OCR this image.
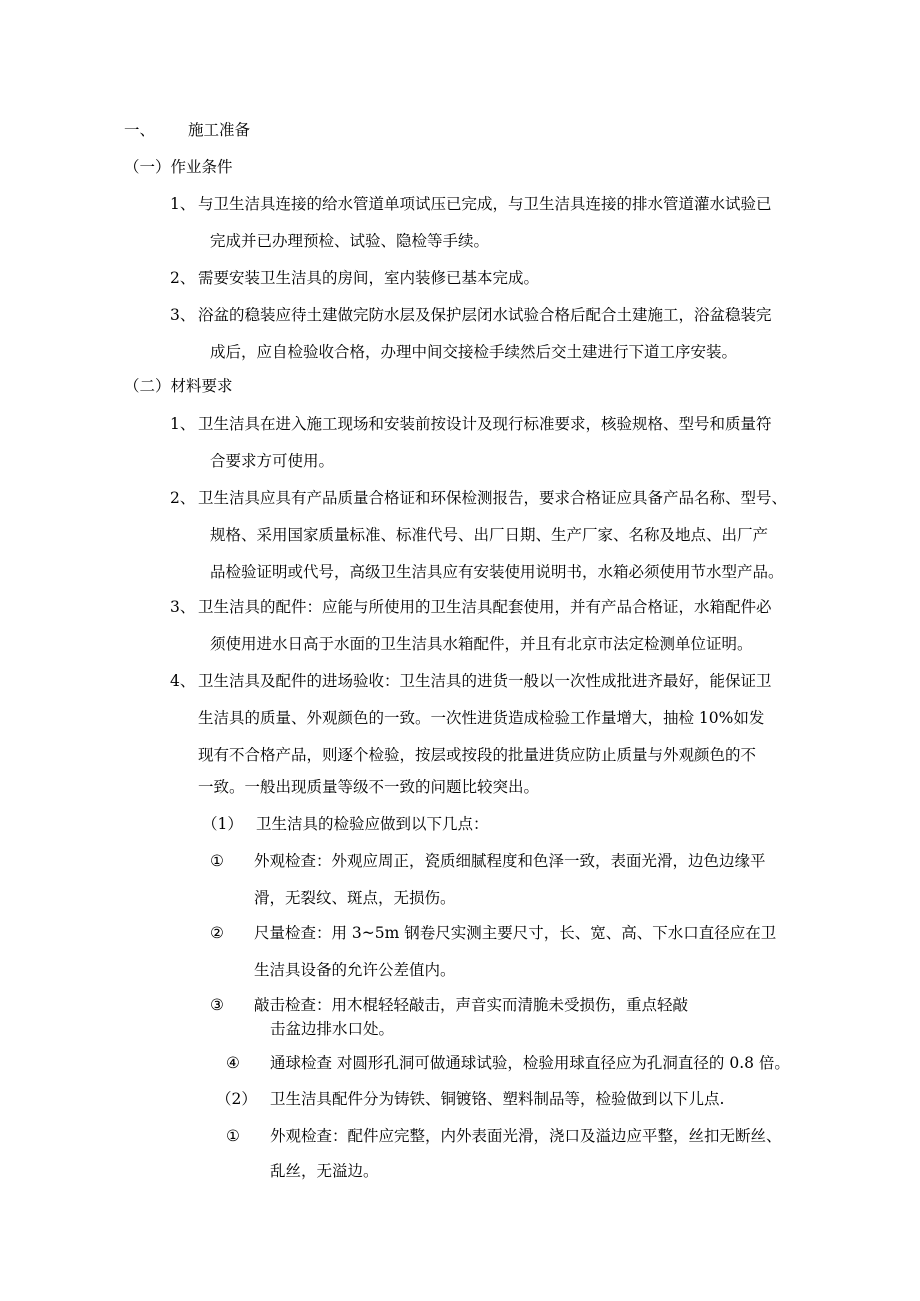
一、 施工准备
（一）作业条件
1、 与卫生洁具连接的给水管道单项试压已完成，与卫生洁具连接的排水管道灌水试验已
完成并已办理预检、试验、隐检等手续。
2、 需要安装卫生洁具的房间，室内装修已基本完成。
3、 浴盆的稳装应待土建做完防水层及保护层闭水试验合格后配合土建施工，浴盆稳装完
成后，应自检验收合格，办理中间交接检手续然后交土建进行下道工序安装。
（二）材料要求
1、 卫生洁具在进入施工现场和安装前按设计及现行标准要求，核验规格、型号和质量符
合要求方可使用。
2、 卫生洁具应具有产品质量合格证和环保检测报告，要求合格证应具备产品名称、型号、
规格、采用国家质量标准、标准代号、出厂日期、生产厂家、名称及地点、出厂产
品检验证明或代号，高级卫生洁具应有安装使用说明书，水箱必须使用节水型产品。
3、 卫生洁具的配件：应能与所使用的卫生洁具配套使用，并有产品合格证，水箱配件必
须使用进水日高于水面的卫生洁具水箱配件，并且有北京市法定检测单位证明。
4、 卫生洁具及配件的进场验收：卫生洁具的进货一般以一次性成批进齐最好，能保证卫
生洁具的质量、外观颜色的一致。一次性进货造成检验工作量增大，抽检 10%如发
现有不合格产品，则逐个检验，按层或按段的批量进货应防止质量与外观颜色的不
一致。一般出现质量等级不一致的问题比较突出。
（1） 卫生洁具的检验应做到以下几点：
① 外观检查：外观应周正，瓷质细腻程度和色泽一致，表面光滑，边色边缘平
滑，无裂纹、斑点，无损伤。
② 尺量检查：用 3~5m 钢卷尺实测主要尺寸，长、宽、高、下水口直径应在卫
生洁具设备的允许公差值内。
③ 敲击检查：用木棍轻轻敲击，声音实而清脆未受损伤，重点轻敲
击盆边排水口处。
④ 通球检查 对圆形孔洞可做通球试验，检验用球直径应为孔洞直径的 0.8 倍。
（2） 卫生洁具配件分为铸铁、铜镀铬、塑料制品等，检验做到以下儿点.
① 外观检查：配件应完整，内外表面光滑，浇口及溢边应平整，丝扣无断丝、
乱丝，无溢边。
